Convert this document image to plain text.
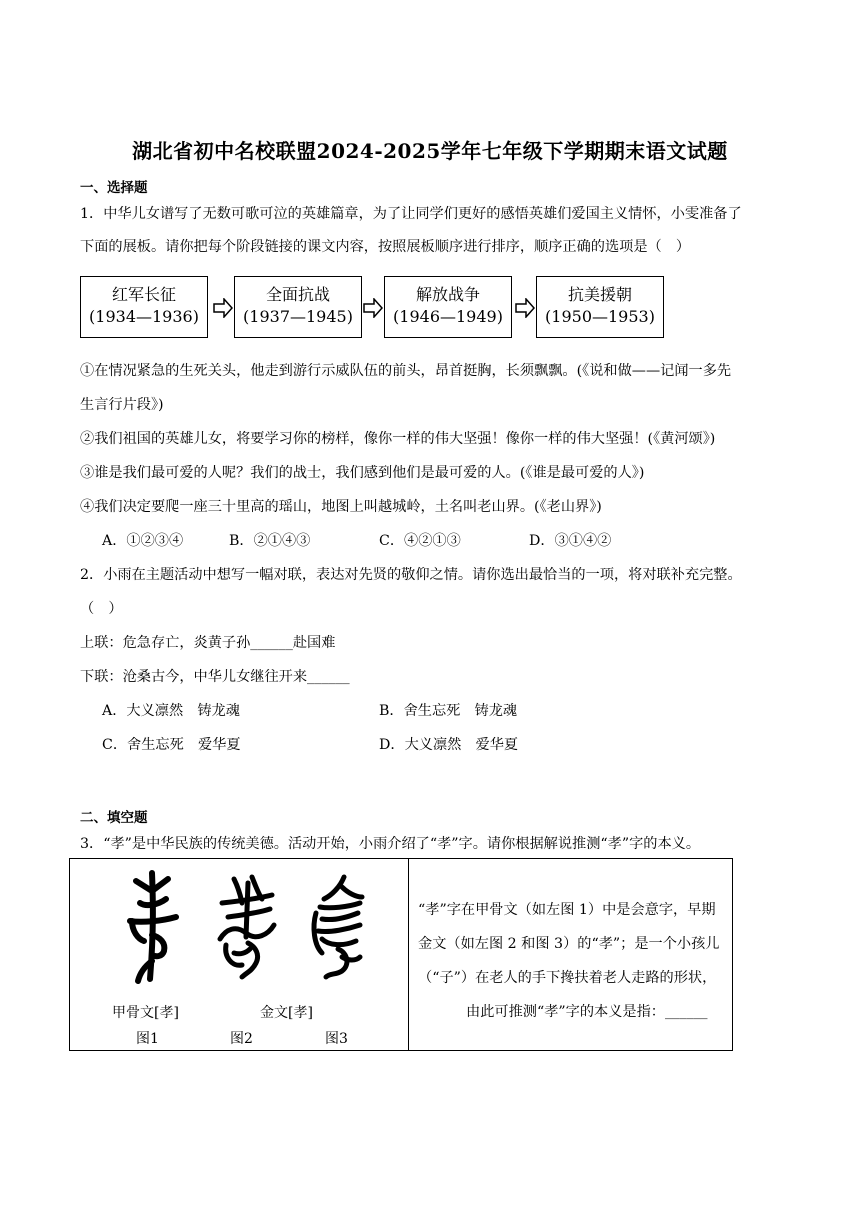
湖北省初中名校联盟2024-2025学年七年级下学期期末语文试题
一、选择题
1．中华儿女谱写了无数可歌可泣的英雄篇章，为了让同学们更好的感悟英雄们爱国主义情怀，小雯准备了
下面的展板。请你把每个阶段链接的课文内容，按照展板顺序进行排序，顺序正确的选项是（　）
红军长征
(1934—1936)
全面抗战
(1937—1945)
解放战争
(1946—1949)
抗美援朝
(1950—1953)
①在情况紧急的生死关头，他走到游行示威队伍的前头，昂首挺胸，长须飘飘。(《说和做——记闻一多先
生言行片段》)
②我们祖国的英雄儿女，将要学习你的榜样，像你一样的伟大坚强！像你一样的伟大坚强！(《黄河颂》)
③谁是我们最可爱的人呢？我们的战士，我们感到他们是最可爱的人。(《谁是最可爱的人》)
④我们决定要爬一座三十里高的瑶山，地图上叫越城岭，土名叫老山界。(《老山界》)
A．①②③④	B．②①④③	C．④②①③	D．③①④②
2．小雨在主题活动中想写一幅对联，表达对先贤的敬仰之情。请你选出最恰当的一项，将对联补充完整。
（　）
上联：危急存亡，炎黄子孙______赴国难
下联：沧桑古今，中华儿女继往开来______
A．大义凛然　铸龙魂	B．舍生忘死　铸龙魂
C．舍生忘死　爱华夏	D．大义凛然　爱华夏
二、填空题
3．“孝”是中华民族的传统美德。活动开始，小雨介绍了“孝”字。请你根据解说推测“孝”字的本义。
甲骨文[孝]	金文[孝]
图1	图2	图3
“孝”字在甲骨文（如左图 1）中是会意字，早期
金文（如左图 2 和图 3）的“孝”；是一个小孩儿
（“子”）在老人的手下搀扶着老人走路的形状，
由此可推测“孝”字的本义是指：______
